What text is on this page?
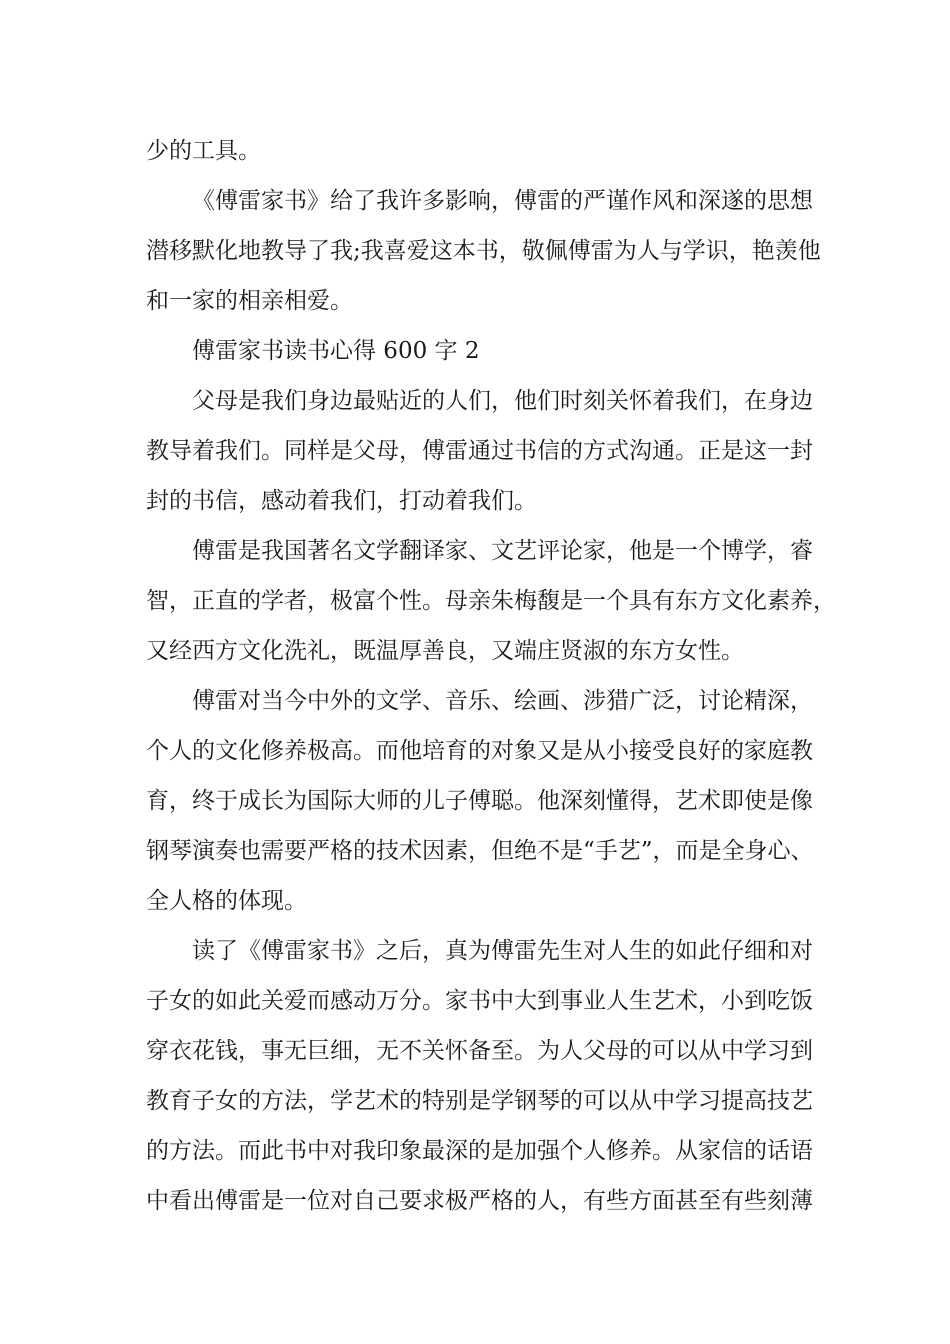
少的工具。
《傅雷家书》给了我许多影响，傅雷的严谨作风和深遂的思想
潜移默化地教导了我;我喜爱这本书，敬佩傅雷为人与学识，艳羡他
和一家的相亲相爱。
傅雷家书读书心得 600 字 2
父母是我们身边最贴近的人们，他们时刻关怀着我们，在身边
教导着我们。同样是父母，傅雷通过书信的方式沟通。正是这一封
封的书信，感动着我们，打动着我们。
傅雷是我国著名文学翻译家、文艺评论家，他是一个博学，睿
智，正直的学者，极富个性。母亲朱梅馥是一个具有东方文化素养，
又经西方文化洗礼，既温厚善良，又端庄贤淑的东方女性。
傅雷对当今中外的文学、音乐、绘画、涉猎广泛，讨论精深，
个人的文化修养极高。而他培育的对象又是从小接受良好的家庭教
育，终于成长为国际大师的儿子傅聪。他深刻懂得，艺术即使是像
钢琴演奏也需要严格的技术因素，但绝不是“手艺”，而是全身心、
全人格的体现。
读了《傅雷家书》之后，真为傅雷先生对人生的如此仔细和对
子女的如此关爱而感动万分。家书中大到事业人生艺术，小到吃饭
穿衣花钱，事无巨细，无不关怀备至。为人父母的可以从中学习到
教育子女的方法，学艺术的特别是学钢琴的可以从中学习提高技艺
的方法。而此书中对我印象最深的是加强个人修养。从家信的话语
中看出傅雷是一位对自己要求极严格的人，有些方面甚至有些刻薄
